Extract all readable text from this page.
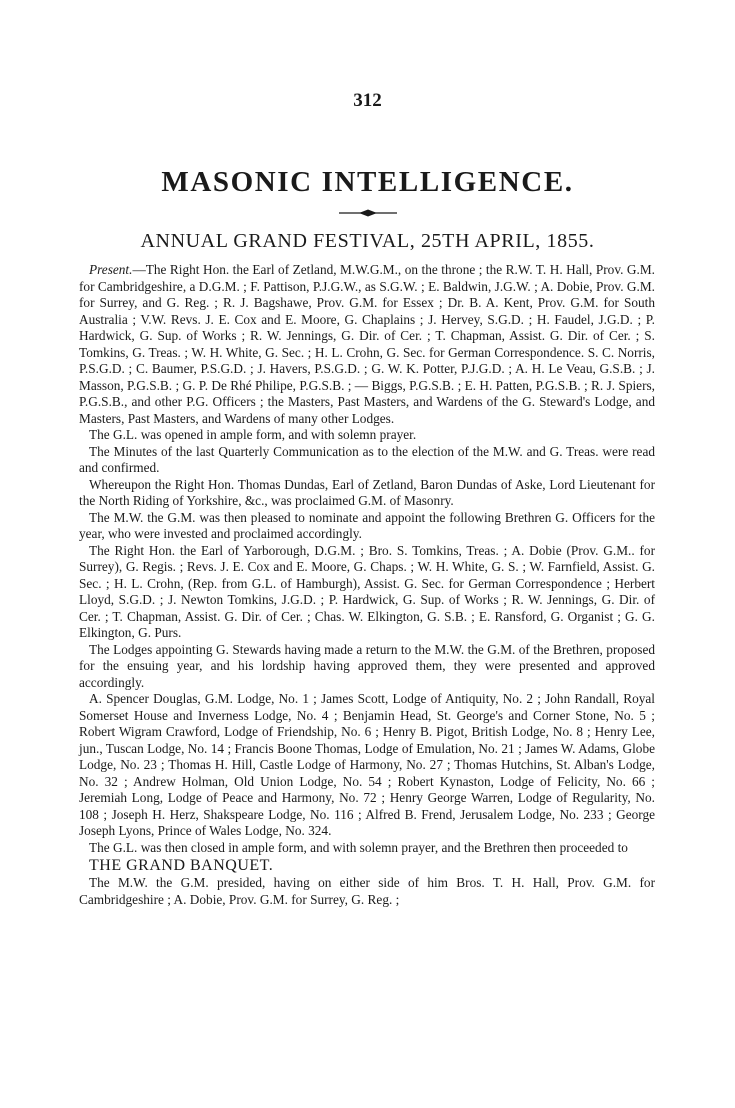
312
MASONIC INTELLIGENCE.
ANNUAL GRAND FESTIVAL, 25TH APRIL, 1855.

Present.—The Right Hon. the Earl of Zetland, M.W.G.M., on the throne ; the R.W. T. H. Hall, Prov. G.M. for Cambridgeshire, a D.G.M. ; F. Pattison, P.J.G.W., as S.G.W. ; E. Baldwin, J.G.W. ; A. Dobie, Prov. G.M. for Surrey, and G. Reg. ; R. J. Bagshawe, Prov. G.M. for Essex ; Dr. B. A. Kent, Prov. G.M. for South Australia ; V.W. Revs. J. E. Cox and E. Moore, G. Chaplains ; J. Hervey, S.G.D. ; H. Faudel, J.G.D. ; P. Hardwick, G. Sup. of Works ; R. W. Jennings, G. Dir. of Cer. ; T. Chapman, Assist. G. Dir. of Cer. ; S. Tomkins, G. Treas. ; W. H. White, G. Sec. ; H. L. Crohn, G. Sec. for German Correspondence. S. C. Norris, P.S.G.D. ; C. Baumer, P.S.G.D. ; J. Havers, P.S.G.D. ; G. W. K. Potter, P.J.G.D. ; A. H. Le Veau, G.S.B. ; J. Masson, P.G.S.B. ; G. P. De Rhé Philipe, P.G.S.B. ; — Biggs, P.G.S.B. ; E. H. Patten, P.G.S.B. ; R. J. Spiers, P.G.S.B., and other P.G. Officers ; the Masters, Past Masters, and Wardens of the G. Steward's Lodge, and Masters, Past Masters, and Wardens of many other Lodges.

The G.L. was opened in ample form, and with solemn prayer.

The Minutes of the last Quarterly Communication as to the election of the M.W. and G. Treas. were read and confirmed.

Whereupon the Right Hon. Thomas Dundas, Earl of Zetland, Baron Dundas of Aske, Lord Lieutenant for the North Riding of Yorkshire, &c., was proclaimed G.M. of Masonry.

The M.W. the G.M. was then pleased to nominate and appoint the following Brethren G. Officers for the year, who were invested and proclaimed accordingly.

The Right Hon. the Earl of Yarborough, D.G.M. ; Bro. S. Tomkins, Treas. ; A. Dobie (Prov. G.M.. for Surrey), G. Regis. ; Revs. J. E. Cox and E. Moore, G. Chaps. ; W. H. White, G. S. ; W. Farnfield, Assist. G. Sec. ; H. L. Crohn, (Rep. from G.L. of Hamburgh), Assist. G. Sec. for German Correspondence ; Herbert Lloyd, S.G.D. ; J. Newton Tomkins, J.G.D. ; P. Hardwick, G. Sup. of Works ; R. W. Jennings, G. Dir. of Cer. ; T. Chapman, Assist. G. Dir. of Cer. ; Chas. W. Elkington, G. S.B. ; E. Ransford, G. Organist ; G. G. Elkington, G. Purs.

The Lodges appointing G. Stewards having made a return to the M.W. the G.M. of the Brethren, proposed for the ensuing year, and his lordship having approved them, they were presented and approved accordingly.

A. Spencer Douglas, G.M. Lodge, No. 1 ; James Scott, Lodge of Antiquity, No. 2 ; John Randall, Royal Somerset House and Inverness Lodge, No. 4 ; Benjamin Head, St. George's and Corner Stone, No. 5 ; Robert Wigram Crawford, Lodge of Friendship, No. 6 ; Henry B. Pigot, British Lodge, No. 8 ; Henry Lee, jun., Tuscan Lodge, No. 14 ; Francis Boone Thomas, Lodge of Emulation, No. 21 ; James W. Adams, Globe Lodge, No. 23 ; Thomas H. Hill, Castle Lodge of Harmony, No. 27 ; Thomas Hutchins, St. Alban's Lodge, No. 32 ; Andrew Holman, Old Union Lodge, No. 54 ; Robert Kynaston, Lodge of Felicity, No. 66 ; Jeremiah Long, Lodge of Peace and Harmony, No. 72 ; Henry George Warren, Lodge of Regularity, No. 108 ; Joseph H. Herz, Shakspeare Lodge, No. 116 ; Alfred B. Frend, Jerusalem Lodge, No. 233 ; George Joseph Lyons, Prince of Wales Lodge, No. 324.

The G.L. was then closed in ample form, and with solemn prayer, and the Brethren then proceeded to

THE GRAND BANQUET.

The M.W. the G.M. presided, having on either side of him Bros. T. H. Hall, Prov. G.M. for Cambridgeshire ; A. Dobie, Prov. G.M. for Surrey, G. Reg. ;
